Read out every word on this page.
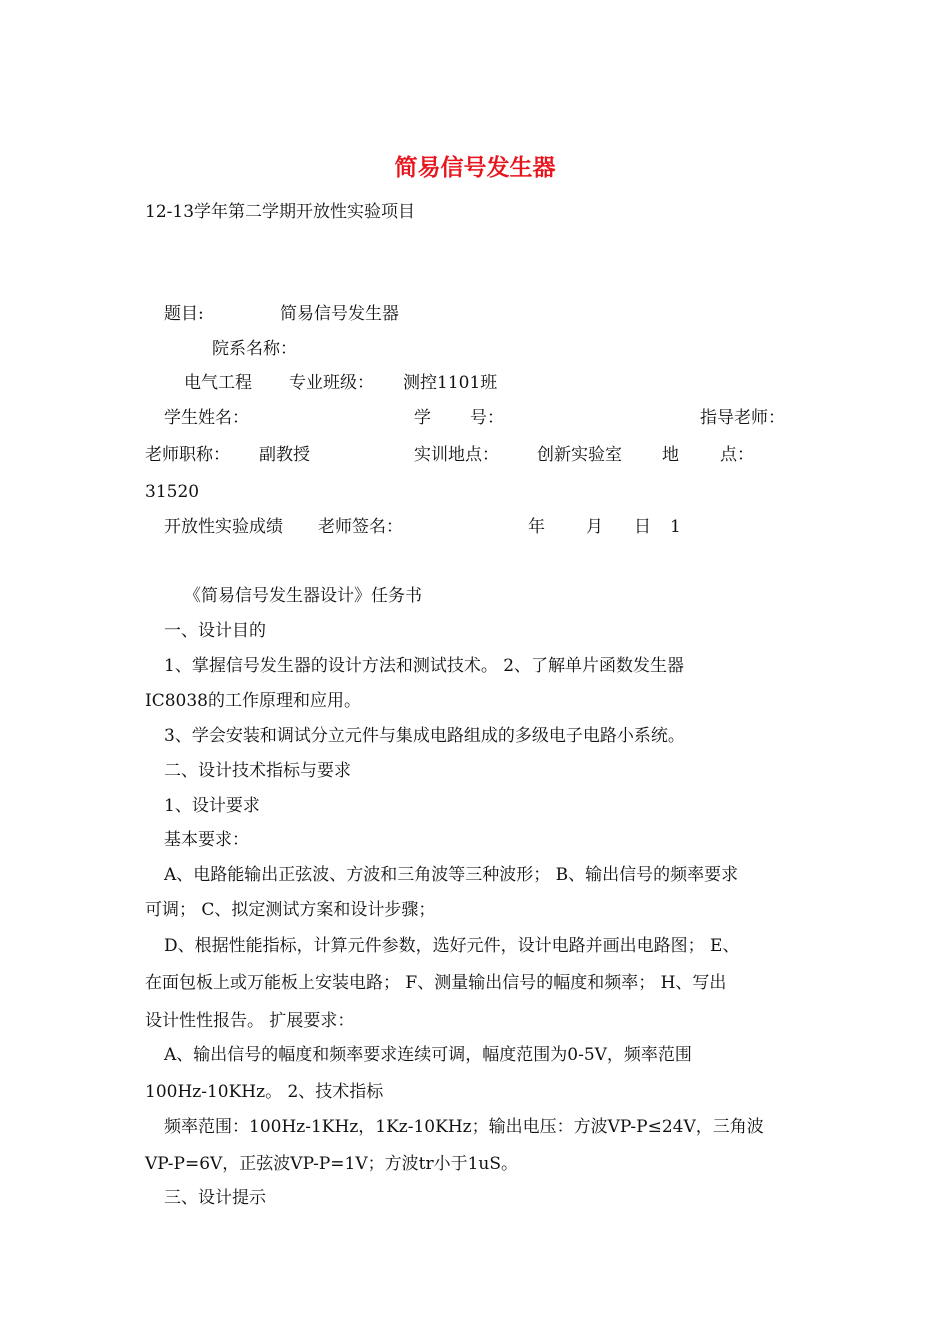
简易信号发生器
12-13学年第二学期开放性实验项目
题目:	简易信号发生器
院系名称：
电气工程 专业班级： 测控1101班
学生姓名：	学 号：	指导老师：
老师职称： 副教授	实训地点： 创新实验室 地 点：
31520
开放性实验成绩 老师签名：	年 月 日 1
《简易信号发生器设计》任务书
一、设计目的
1、掌握信号发生器的设计方法和测试技术。 2、了解单片函数发生器
IC8038的工作原理和应用。
3、学会安装和调试分立元件与集成电路组成的多级电子电路小系统。
二、设计技术指标与要求
1、设计要求
基本要求：
A、电路能输出正弦波、方波和三角波等三种波形； B、输出信号的频率要求
可调； C、拟定测试方案和设计步骤；
D、根据性能指标，计算元件参数，选好元件，设计电路并画出电路图； E、
在面包板上或万能板上安装电路； F、测量输出信号的幅度和频率； H、写出
设计性性报告。 扩展要求：
A、输出信号的幅度和频率要求连续可调，幅度范围为0-5V，频率范围
100Hz-10KHz。 2、技术指标
频率范围：100Hz-1KHz，1Kz-10KHz；输出电压：方波VP-P≤24V，三角波
VP-P=6V，正弦波VP-P=1V；方波tr小于1uS。
三、设计提示
